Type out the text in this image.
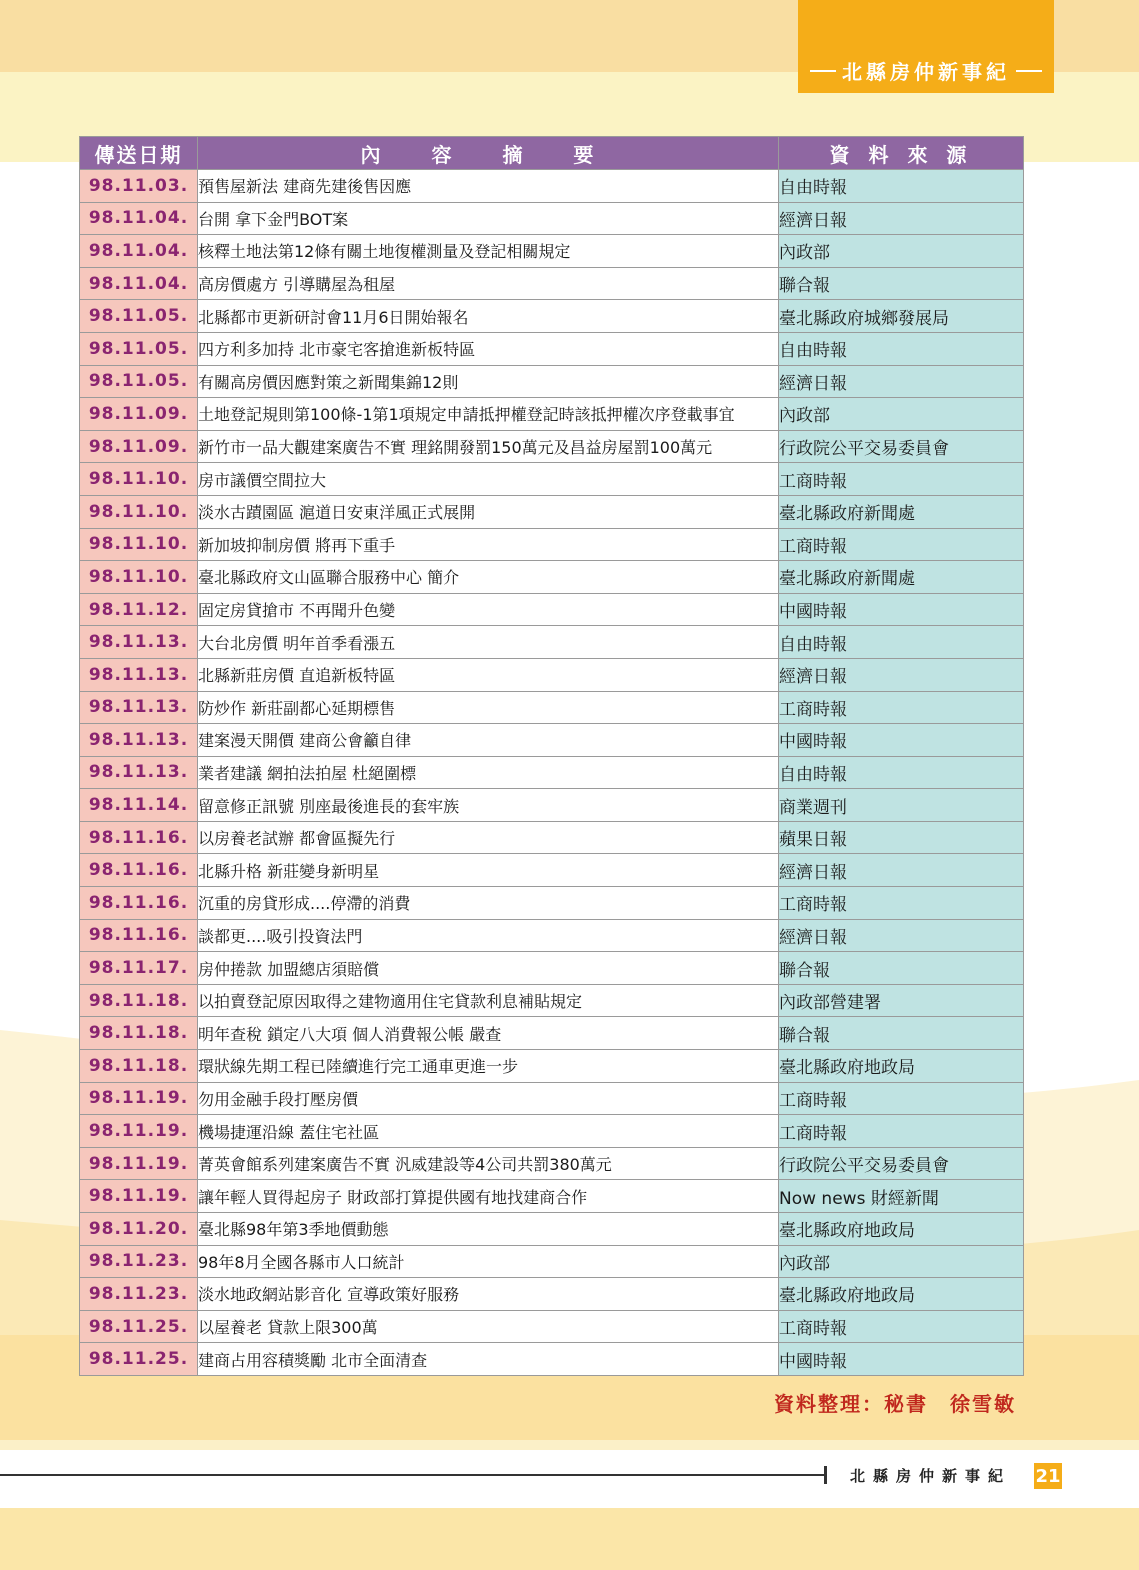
北縣房仲新事紀
傳送日期	內 容 摘 要	資 料 來 源
98.11.03.	預售屋新法 建商先建後售因應	自由時報
98.11.04.	台開 拿下金門BOT案	經濟日報
98.11.04.	核釋土地法第12條有關土地復權測量及登記相關規定	內政部
98.11.04.	高房價處方 引導購屋為租屋	聯合報
98.11.05.	北縣都市更新研討會11月6日開始報名	臺北縣政府城鄉發展局
98.11.05.	四方利多加持 北市豪宅客搶進新板特區	自由時報
98.11.05.	有關高房價因應對策之新聞集錦12則	經濟日報
98.11.09.	土地登記規則第100條-1第1項規定申請抵押權登記時該抵押權次序登載事宜	內政部
98.11.09.	新竹市一品大觀建案廣告不實 理銘開發罰150萬元及昌益房屋罰100萬元	行政院公平交易委員會
98.11.10.	房市議價空間拉大	工商時報
98.11.10.	淡水古蹟園區 滬道日安東洋風正式展開	臺北縣政府新聞處
98.11.10.	新加坡抑制房價 將再下重手	工商時報
98.11.10.	臺北縣政府文山區聯合服務中心 簡介	臺北縣政府新聞處
98.11.12.	固定房貸搶市 不再聞升色變	中國時報
98.11.13.	大台北房價 明年首季看漲五	自由時報
98.11.13.	北縣新莊房價 直追新板特區	經濟日報
98.11.13.	防炒作 新莊副都心延期標售	工商時報
98.11.13.	建案漫天開價 建商公會籲自律	中國時報
98.11.13.	業者建議 網拍法拍屋 杜絕圍標	自由時報
98.11.14.	留意修正訊號 別座最後進長的套牢族	商業週刊
98.11.16.	以房養老試辦 都會區擬先行	蘋果日報
98.11.16.	北縣升格 新莊變身新明星	經濟日報
98.11.16.	沉重的房貸形成....停滯的消費	工商時報
98.11.16.	談都更....吸引投資法門	經濟日報
98.11.17.	房仲捲款 加盟總店須賠償	聯合報
98.11.18.	以拍賣登記原因取得之建物適用住宅貸款利息補貼規定	內政部營建署
98.11.18.	明年查稅 鎖定八大項 個人消費報公帳 嚴查	聯合報
98.11.18.	環狀線先期工程已陸續進行完工通車更進一步	臺北縣政府地政局
98.11.19.	勿用金融手段打壓房價	工商時報
98.11.19.	機場捷運沿線 蓋住宅社區	工商時報
98.11.19.	菁英會館系列建案廣告不實 汎威建設等4公司共罰380萬元	行政院公平交易委員會
98.11.19.	讓年輕人買得起房子 財政部打算提供國有地找建商合作	Now news 財經新聞
98.11.20.	臺北縣98年第3季地價動態	臺北縣政府地政局
98.11.23.	98年8月全國各縣市人口統計	內政部
98.11.23.	淡水地政網站影音化 宣導政策好服務	臺北縣政府地政局
98.11.25.	以屋養老 貸款上限300萬	工商時報
98.11.25.	建商占用容積獎勵 北市全面清查	中國時報
資料整理：秘書　徐雪敏
北縣房仲新事紀 21
